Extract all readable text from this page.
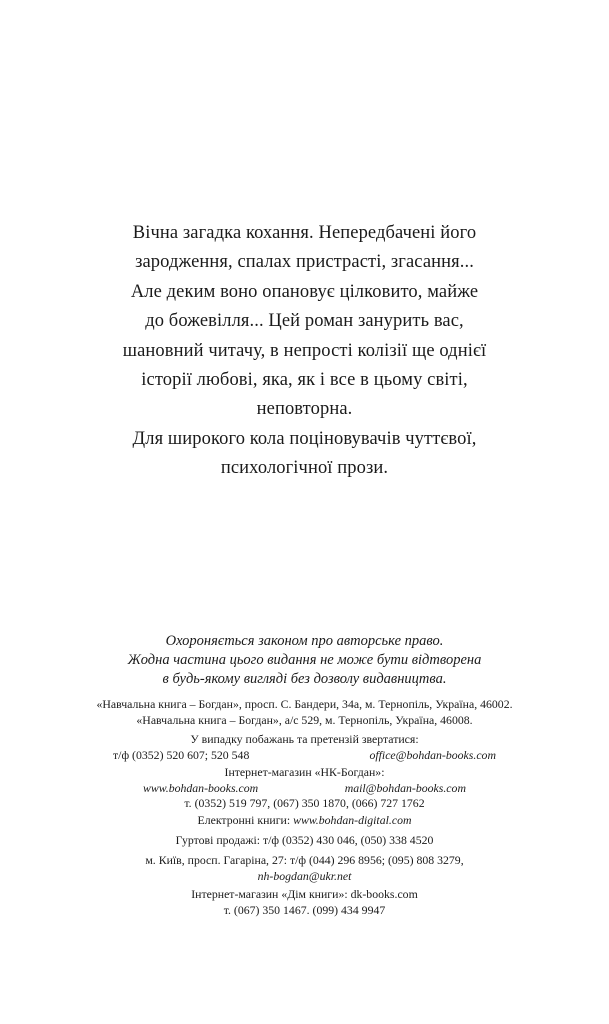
Вічна загадка кохання. Непередбачені його
зародження, спалах пристрасті, згасання...
Але деким воно опановує цілковито, майже
до божевілля... Цей роман занурить вас,
шановний читачу, в непрості колізії ще однієї
історії любові, яка, як і все в цьому світі,
неповторна.
Для широкого кола поціновувачів чуттєвої,
психологічної прози.
Охороняється законом про авторське право.
Жодна частина цього видання не може бути відтворена
в будь-якому вигляді без дозволу видавництва.
«Навчальна книга – Богдан», просп. С. Бандери, 34а, м. Тернопіль, Україна, 46002.
«Навчальна книга – Богдан», а/с 529, м. Тернопіль, Україна, 46008.
У випадку побажань та претензій звертатися:
т/ф (0352) 520 607; 520 548	office@bohdan-books.com
Інтернет-магазин «НК-Богдан»:
www.bohdan-books.com	mail@bohdan-books.com
т. (0352) 519 797, (067) 350 1870, (066) 727 1762
Електронні книги: www.bohdan-digital.com
Гуртові продажі: т/ф (0352) 430 046, (050) 338 4520
м. Київ, просп. Гагаріна, 27: т/ф (044) 296 8956; (095) 808 3279,
nh-bogdan@ukr.net
Інтернет-магазин «Дім книги»: dk-books.com
т. (067) 350 1467. (099) 434 9947
